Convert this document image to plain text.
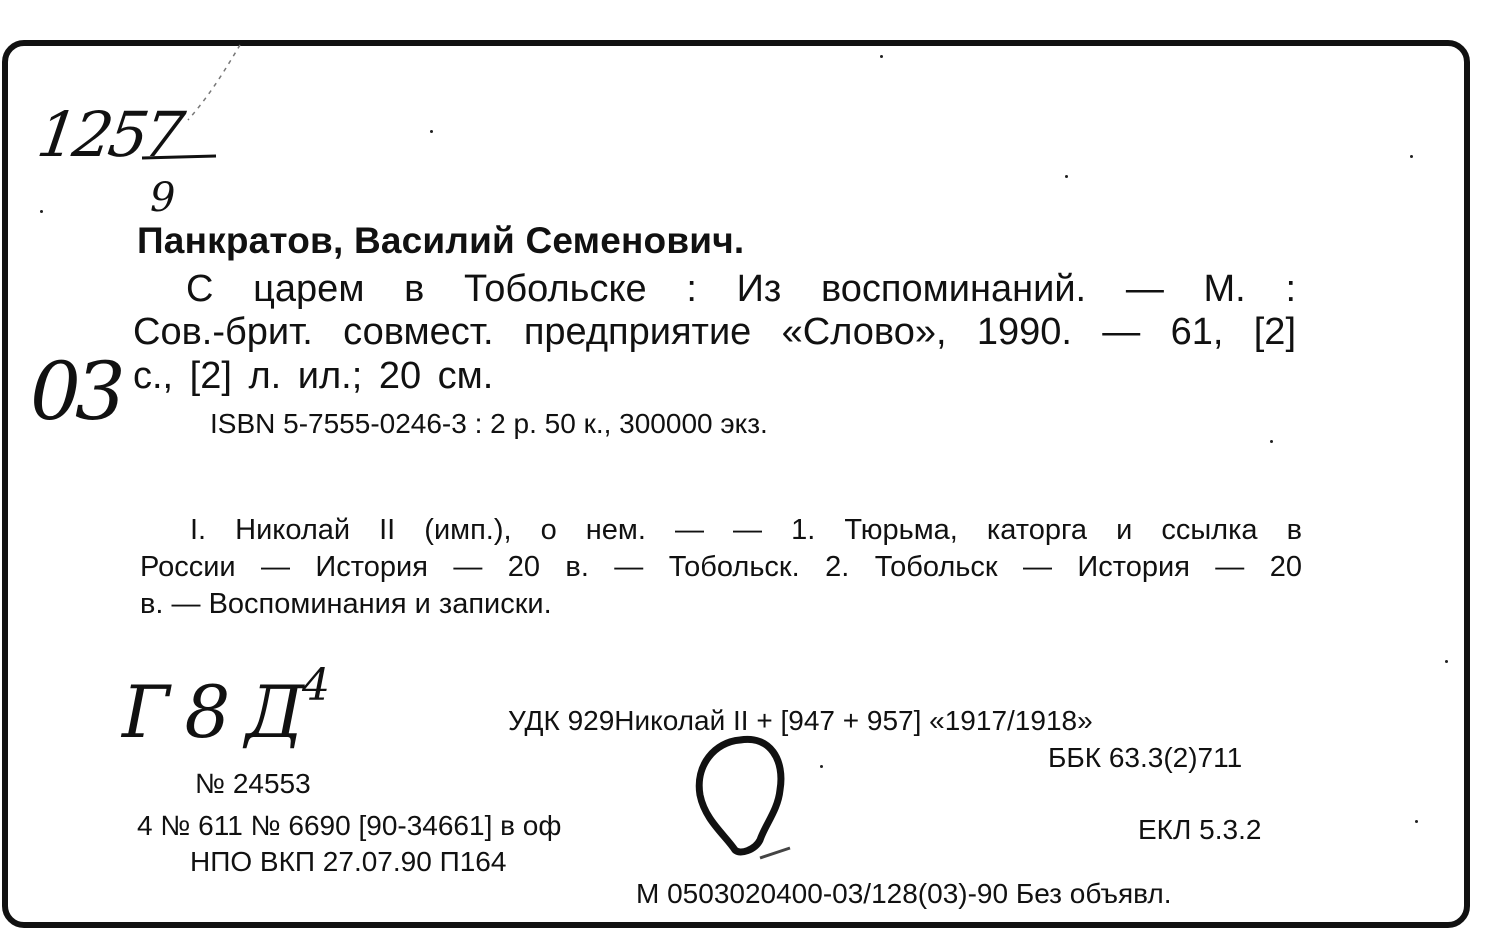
1257
9
03
Панкратов, Василий Семенович.
С царем в Тобольске : Из воспоминаний. — М. :
Сов.-брит. совмест. предприятие «Слово», 1990. — 61, [2]
с., [2] л. ил.; 20 см.
ISBN 5-7555-0246-3 : 2 р. 50 к., 300000 экз.
I. Николай II (имп.), о нем. — — 1. Тюрьма, каторга и ссылка в
России — История — 20 в. — Тобольск. 2. Тобольск — История — 20
в. — Воспоминания и записки.
Г 8 Д 4
УДК 929Николай II + [947 + 957] «1917/1918»
ББК 63.3(2)711
ЕКЛ 5.3.2
№ 24553
4 № 611 № 6690 [90-34661] в оф
НПО ВКП 27.07.90 П164
М 0503020400-03/128(03)-90 Без объявл.
